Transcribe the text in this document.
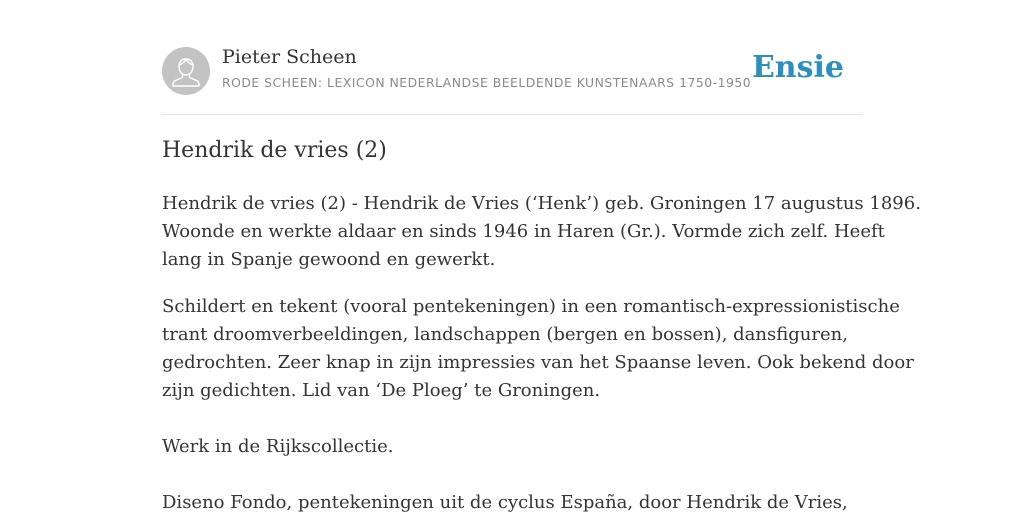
Pieter Scheen
RODE SCHEEN: LEXICON NEDERLANDSE BEELDENDE KUNSTENAARS 1750-1950 Ensie
Hendrik de vries (2)

Hendrik de vries (2) - Hendrik de Vries (‘Henk’) geb. Groningen 17 augustus 1896.
Woonde en werkte aldaar en sinds 1946 in Haren (Gr.). Vormde zich zelf. Heeft
lang in Spanje gewoond en gewerkt.

Schildert en tekent (vooral pentekeningen) in een romantisch-expressionistische
trant droomverbeeldingen, landschappen (bergen en bossen), dansfiguren,
gedrochten. Zeer knap in zijn impressies van het Spaanse leven. Ook bekend door
zijn gedichten. Lid van ‘De Ploeg’ te Groningen.

Werk in de Rijkscollectie.

Diseno Fondo, pentekeningen uit de cyclus España, door Hendrik de Vries,
